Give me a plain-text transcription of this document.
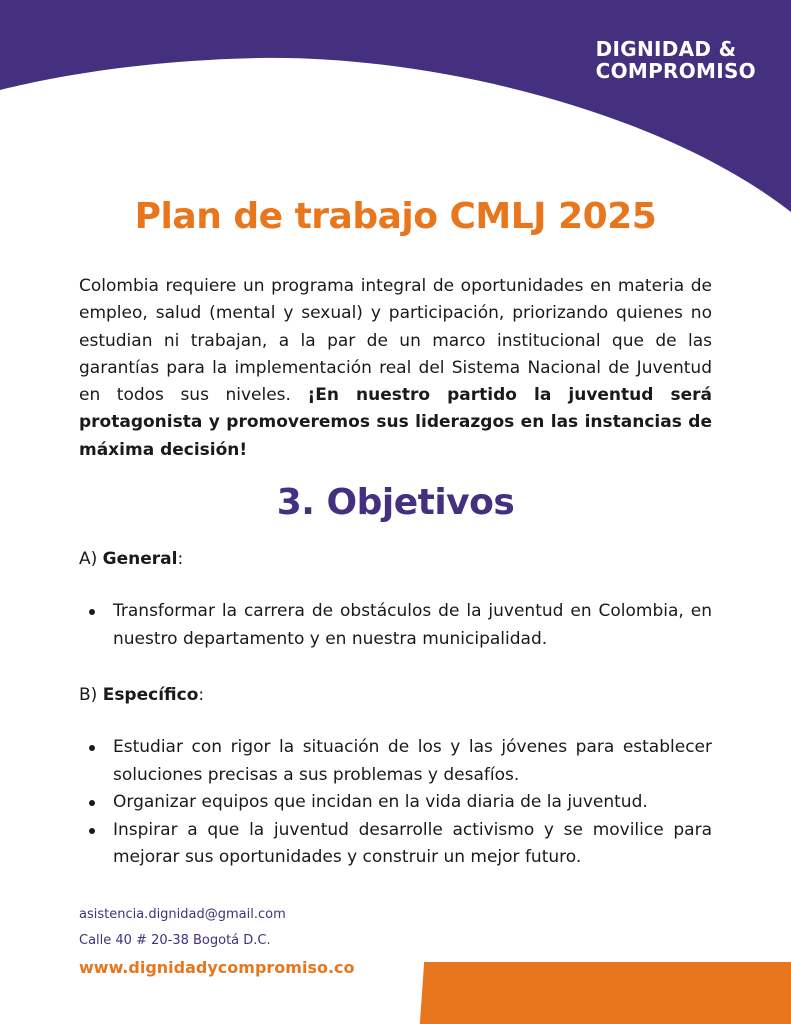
DIGNIDAD &
COMPROMISO
Plan de trabajo CMLJ 2025

Colombia requiere un programa integral de oportunidades en materia de empleo, salud (mental y sexual) y participación, priorizando quienes no estudian ni trabajan, a la par de un marco institucional que de las garantías para la implementación real del Sistema Nacional de Juventud en todos sus niveles. ¡En nuestro partido la juventud será protagonista y promoveremos sus liderazgos en las instancias de máxima decisión!

3. Objetivos

A) General:

Transformar la carrera de obstáculos de la juventud en Colombia, en nuestro departamento y en nuestra municipalidad.

B) Específico:

Estudiar con rigor la situación de los y las jóvenes para establecer soluciones precisas a sus problemas y desafíos.
Organizar equipos que incidan en la vida diaria de la juventud.
Inspirar a que la juventud desarrolle activismo y se movilice para mejorar sus oportunidades y construir un mejor futuro.

asistencia.dignidad@gmail.com

Calle 40 # 20-38 Bogotá D.C.

www.dignidadycompromiso.co
